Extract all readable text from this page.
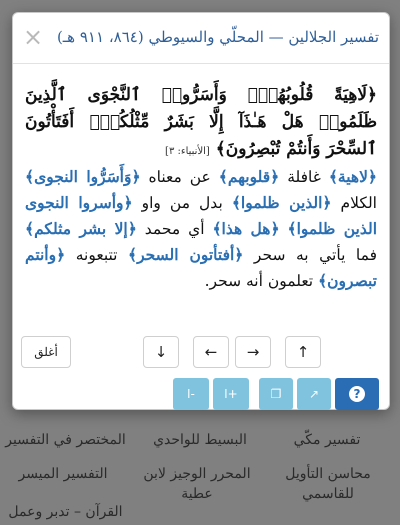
تفسير مكّي
البسيط للواحدي
المختصر في التفسير
محاسن التأويل للقاسمي
المحرر الوجيز لابن عطية
التفسير الميسر
القرآن – تدبر وعمل
تفسير الجلالين — المحلّي والسيوطي (٨٦٤، ٩١١ هـ)
×
﴿لَاهِيَةً قُلُوبُهُمْۗ وَأَسَرُّوا۟ ٱلنَّجْوَى ٱلَّذِينَ ظَلَمُوا۟ هَلْ هَـٰذَآ إِلَّا بَشَرٌ مِّثْلُكُمْۖ أَفَتَأْتُونَ ٱلسِّحْرَ وَأَنتُمْ تُبْصِرُونَ﴾ [الأنبياء: ٣]
﴿لاهية﴾ غافلة ﴿قلوبهم﴾ عن معناه ﴿وَأَسَرُّوا النجوى﴾ الكلام ﴿الذين ظلموا﴾ بدل من واو ﴿وأسروا النجوى الذين ظلموا﴾ ﴿هل هذا﴾ أي محمد ﴿إلا بشر مثلكم﴾ فما يأتي به سحر ﴿أفتأتون السحر﴾ تتبعونه ﴿وأنتم تبصرون﴾ تعلمون أنه سحر.
↑
→
←
↓
أغلق
?
↗
❐
+ا
-ا
